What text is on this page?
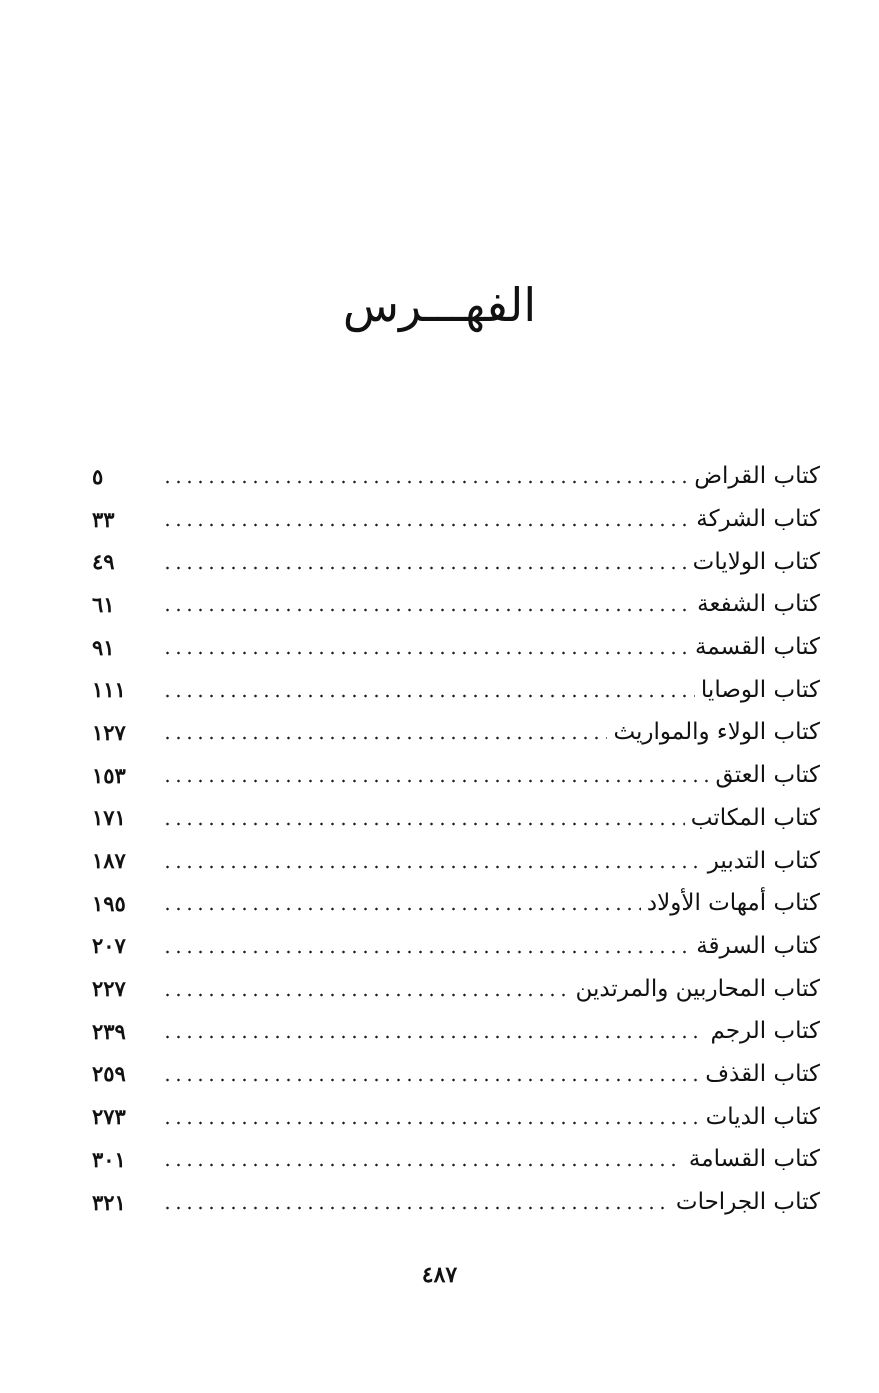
الفهـــرس
كتاب القراض
٥
كتاب الشركة
٣٣
كتاب الولايات
٤٩
كتاب الشفعة
٦١
كتاب القسمة
٩١
كتاب الوصايا
١١١
كتاب الولاء والمواريث
١٢٧
كتاب العتق
١٥٣
كتاب المكاتب
١٧١
كتاب التدبير
١٨٧
كتاب أمهات الأولاد
١٩٥
كتاب السرقة
٢٠٧
كتاب المحاربين والمرتدين
٢٢٧
كتاب الرجم
٢٣٩
كتاب القذف
٢٥٩
كتاب الديات
٢٧٣
كتاب القسامة
٣٠١
كتاب الجراحات
٣٢١
٤٨٧
